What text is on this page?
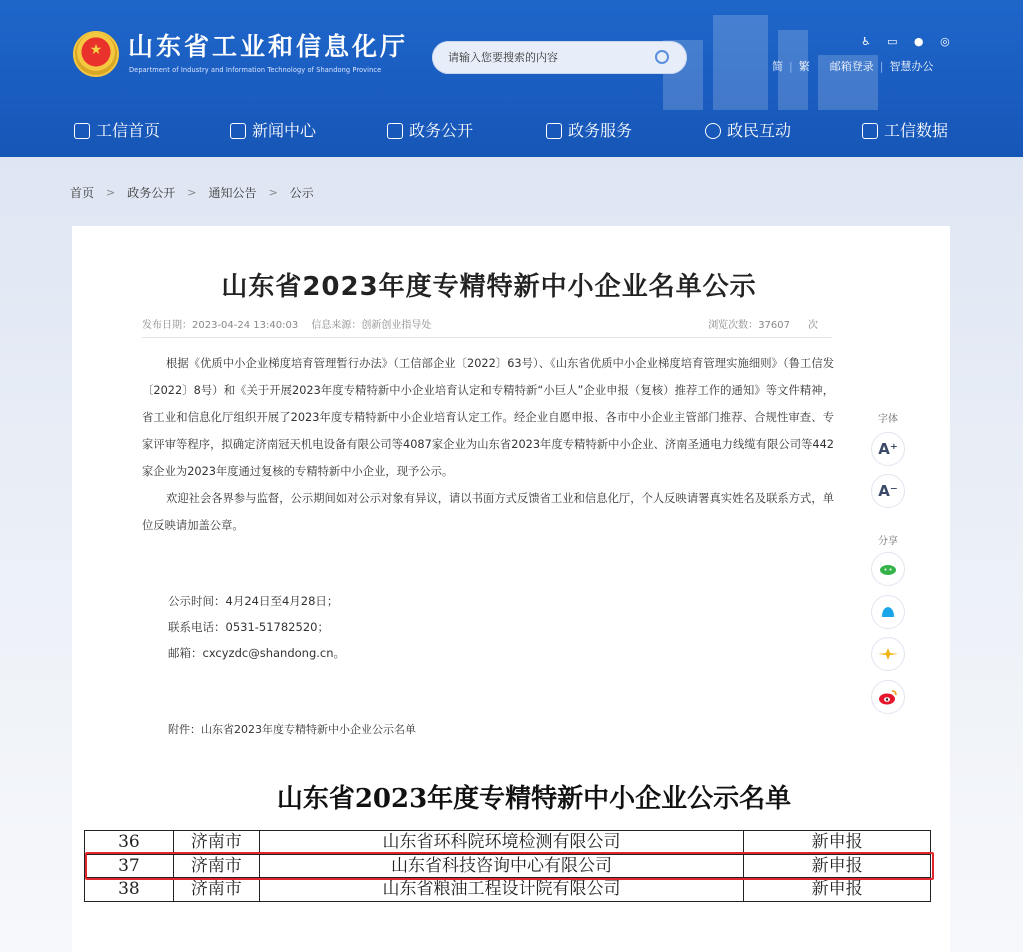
★ 山东省工业和信息化厅
Department of Industry and Information Technology of Shandong Province
请输入您要搜索的内容
♿ ▭ ● ◎
简 | 繁 邮箱登录 | 智慧办公
工信首页	新闻中心	政务公开	政务服务	政民互动	工信数据
首页 > 政务公开 > 通知公告 > 公示
山东省2023年度专精特新中小企业名单公示
发布日期：2023-04-24 13:40:03 信息来源：创新创业指导处	浏览次数：37607 次

根据《优质中小企业梯度培育管理暂行办法》（工信部企业〔2022〕63号）、《山东省优质中小企业梯度培育管理实施细则》（鲁工信发〔2022〕8号）和《关于开展2023年度专精特新中小企业培育认定和专精特新“小巨人”企业申报（复核）推荐工作的通知》等文件精神，省工业和信息化厅组织开展了2023年度专精特新中小企业培育认定工作。经企业自愿申报、各市中小企业主管部门推荐、合规性审查、专家评审等程序，拟确定济南冠天机电设备有限公司等4087家企业为山东省2023年度专精特新中小企业、济南圣通电力线缆有限公司等442家企业为2023年度通过复核的专精特新中小企业，现予公示。

欢迎社会各界参与监督，公示期间如对公示对象有异议，请以书面方式反馈省工业和信息化厅，个人反映请署真实姓名及联系方式，单位反映请加盖公章。

公示时间：4月24日至4月28日；
联系电话：0531-51782520；
邮箱：cxcyzdc@shandong.cn。
附件：山东省2023年度专精特新中小企业公示名单
字体
A⁺
A⁻
分享
山东省2023年度专精特新中小企业公示名单
36	济南市	山东省环科院环境检测有限公司	新申报
37	济南市	山东省科技咨询中心有限公司	新申报
38	济南市	山东省粮油工程设计院有限公司	新申报
